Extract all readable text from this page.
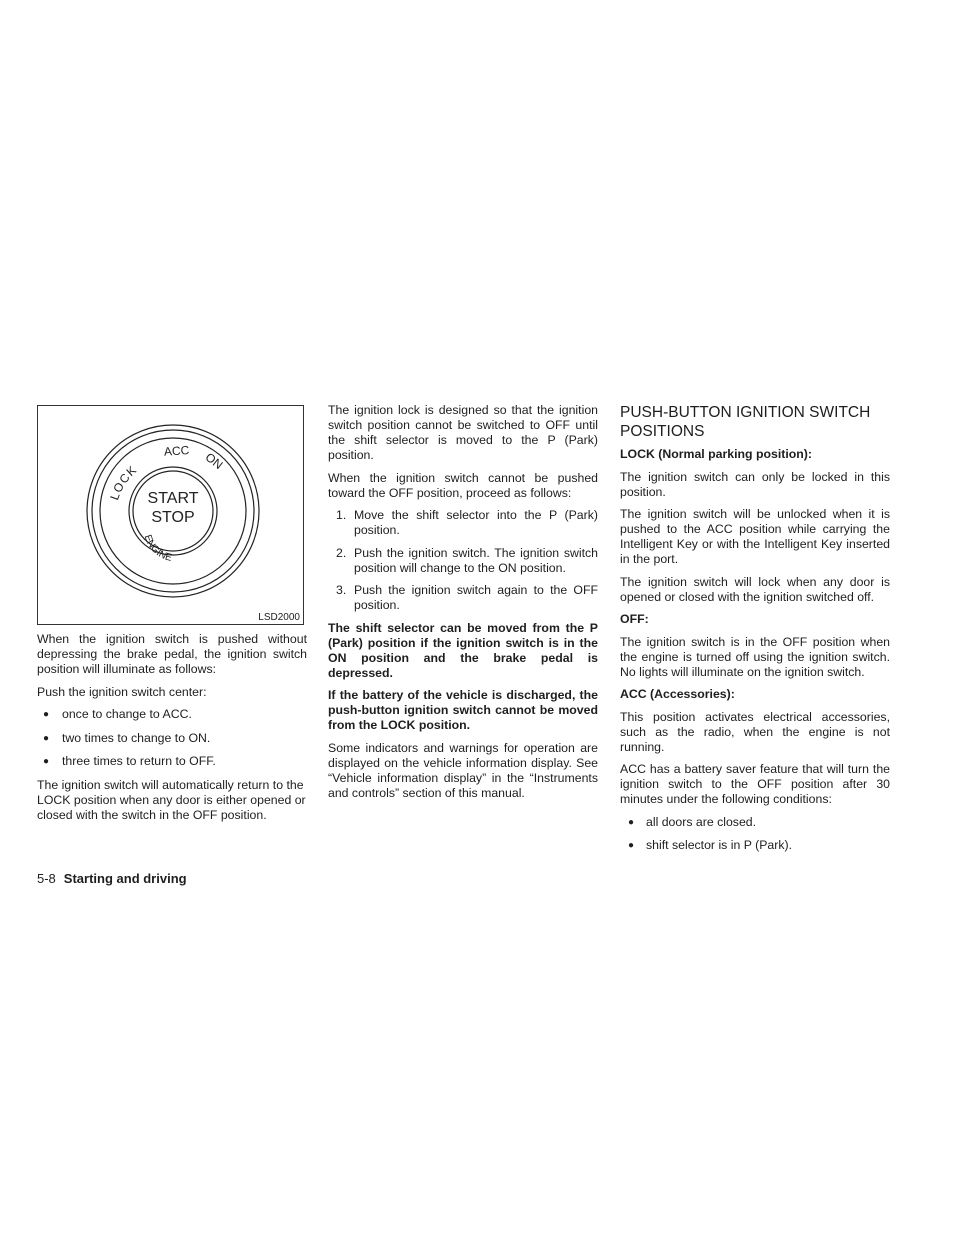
LOCK
ACC ON
START
STOP
ENGINE
LSD2000

When the ignition switch is pushed without depressing the brake pedal, the ignition switch position will illuminate as follows:

Push the ignition switch center:

● once to change to ACC.
● two times to change to ON.
● three times to return to OFF.

The ignition switch will automatically return to the LOCK position when any door is either opened or closed with the switch in the OFF position.

The ignition lock is designed so that the ignition switch position cannot be switched to OFF until the shift selector is moved to the P (Park) position.

When the ignition switch cannot be pushed toward the OFF position, proceed as follows:

1. Move the shift selector into the P (Park) position.
2. Push the ignition switch. The ignition switch position will change to the ON position.
3. Push the ignition switch again to the OFF position.

The shift selector can be moved from the P (Park) position if the ignition switch is in the ON position and the brake pedal is depressed.

If the battery of the vehicle is discharged, the push-button ignition switch cannot be moved from the LOCK position.

Some indicators and warnings for operation are displayed on the vehicle information display. See “Vehicle information display” in the “Instruments and controls” section of this manual.

PUSH-BUTTON IGNITION SWITCH POSITIONS

LOCK (Normal parking position):

The ignition switch can only be locked in this position.

The ignition switch will be unlocked when it is pushed to the ACC position while carrying the Intelligent Key or with the Intelligent Key inserted in the port.

The ignition switch will lock when any door is opened or closed with the ignition switched off.

OFF:

The ignition switch is in the OFF position when the engine is turned off using the ignition switch. No lights will illuminate on the ignition switch.

ACC (Accessories):

This position activates electrical accessories, such as the radio, when the engine is not running.

ACC has a battery saver feature that will turn the ignition switch to the OFF position after 30 minutes under the following conditions:

● all doors are closed.
● shift selector is in P (Park).
5-8 Starting and driving
